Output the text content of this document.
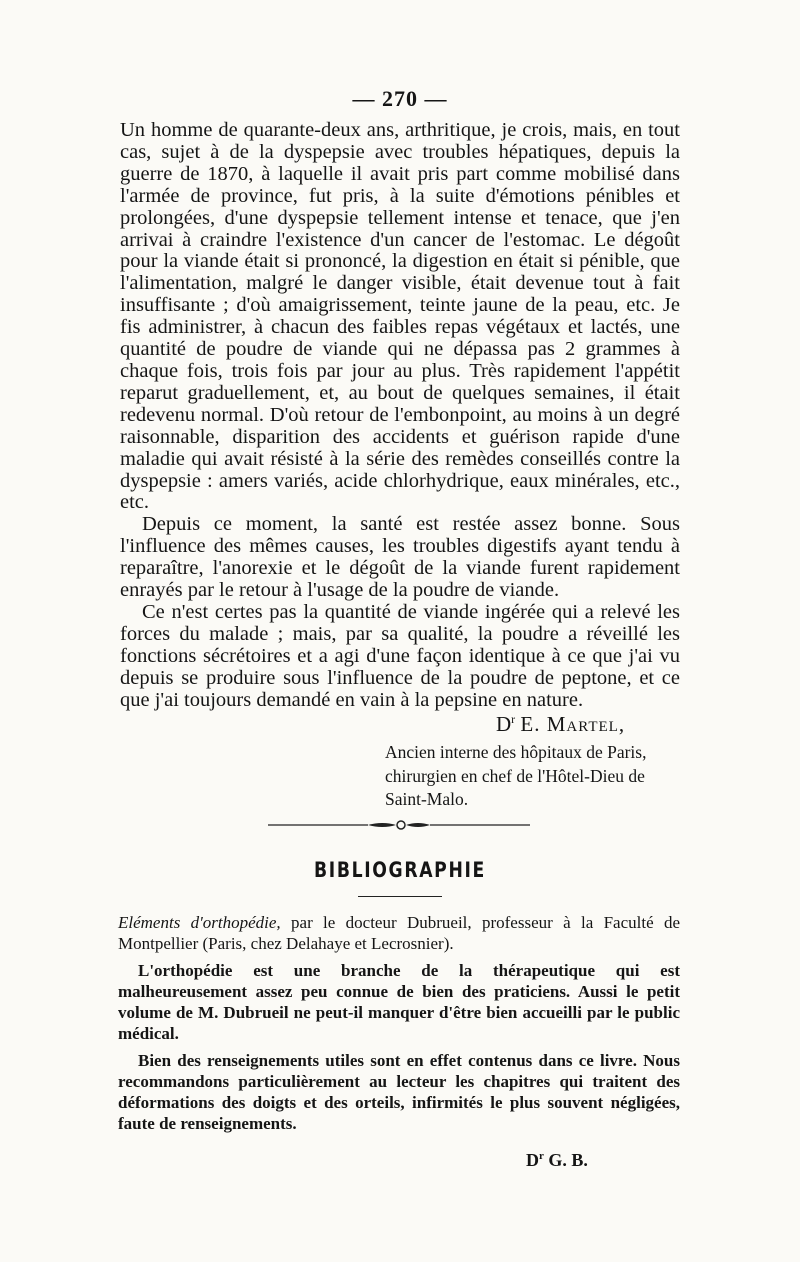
— 270 —

Un homme de quarante-deux ans, arthritique, je crois, mais, en tout cas, sujet à de la dyspepsie avec troubles hépatiques, depuis la guerre de 1870, à laquelle il avait pris part comme mobilisé dans l'armée de province, fut pris, à la suite d'émotions pénibles et prolongées, d'une dyspepsie tellement intense et tenace, que j'en arrivai à craindre l'existence d'un cancer de l'estomac. Le dégoût pour la viande était si prononcé, la digestion en était si pénible, que l'alimentation, malgré le danger visible, était devenue tout à fait insuffisante ; d'où amaigrissement, teinte jaune de la peau, etc. Je fis administrer, à chacun des faibles repas végétaux et lactés, une quantité de poudre de viande qui ne dépassa pas 2 grammes à chaque fois, trois fois par jour au plus. Très rapidement l'appétit reparut graduellement, et, au bout de quelques semaines, il était redevenu normal. D'où retour de l'embonpoint, au moins à un degré raisonnable, disparition des accidents et guérison rapide d'une maladie qui avait résisté à la série des remèdes conseillés contre la dyspepsie : amers variés, acide chlorhydrique, eaux minérales, etc., etc.

Depuis ce moment, la santé est restée assez bonne. Sous l'influence des mêmes causes, les troubles digestifs ayant tendu à reparaître, l'anorexie et le dégoût de la viande furent rapidement enrayés par le retour à l'usage de la poudre de viande.

Ce n'est certes pas la quantité de viande ingérée qui a relevé les forces du malade ; mais, par sa qualité, la poudre a réveillé les fonctions sécrétoires et a agi d'une façon identique à ce que j'ai vu depuis se produire sous l'influence de la poudre de peptone, et ce que j'ai toujours demandé en vain à la pepsine en nature.

$D^r$ E. Martel,
Ancien interne des hôpitaux de Paris,
chirurgien en chef de l'Hôtel-Dieu de
Saint-Malo.
BIBLIOGRAPHIE

Eléments d'orthopédie, par le docteur Dubrueil, professeur à la Faculté de Montpellier (Paris, chez Delahaye et Lecrosnier).

L'orthopédie est une branche de la thérapeutique qui est malheureusement assez peu connue de bien des praticiens. Aussi le petit volume de M. Dubrueil ne peut-il manquer d'être bien accueilli par le public médical.

Bien des renseignements utiles sont en effet contenus dans ce livre. Nous recommandons particulièrement au lecteur les chapitres qui traitent des déformations des doigts et des orteils, infirmités le plus souvent négligées, faute de renseignements.

$D^r$ G. B.
